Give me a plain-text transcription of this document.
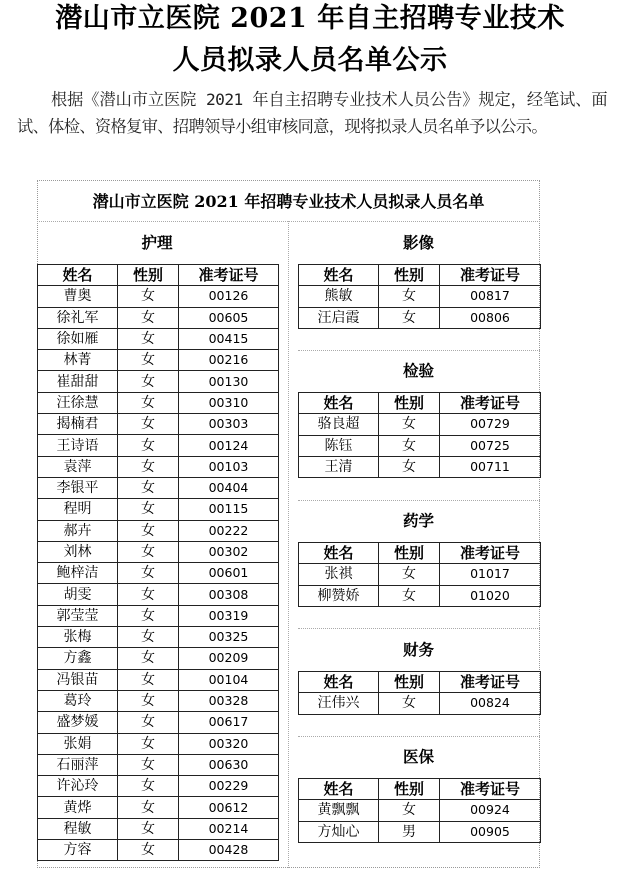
潜山市立医院 2021 年自主招聘专业技术
人员拟录人员名单公示
根据《潜山市立医院 2021 年自主招聘专业技术人员公告》规定，经笔试、面试、体检、资格复审、招聘领导小组审核同意，现将拟录人员名单予以公示。
潜山市立医院 2021 年招聘专业技术人员拟录人员名单
护理
姓名	性别	准考证号
曹奥	女	00126
徐礼军	女	00605
徐如雁	女	00415
林菁	女	00216
崔甜甜	女	00130
汪徐慧	女	00310
揭楠君	女	00303
王诗语	女	00124
袁萍	女	00103
李银平	女	00404
程明	女	00115
郝卉	女	00222
刘林	女	00302
鲍梓洁	女	00601
胡雯	女	00308
郭莹莹	女	00319
张梅	女	00325
方鑫	女	00209
冯银苗	女	00104
葛玲	女	00328
盛梦媛	女	00617
张娟	女	00320
石丽萍	女	00630
许沁玲	女	00229
黄烨	女	00612
程敏	女	00214
方容	女	00428
影像
姓名	性别	准考证号
熊敏	女	00817
汪启霞	女	00806
检验
姓名	性别	准考证号
骆良超	女	00729
陈钰	女	00725
王清	女	00711
药学
姓名	性别	准考证号
张祺	女	01017
柳赞娇	女	01020
财务
姓名	性别	准考证号
汪伟兴	女	00824
医保
姓名	性别	准考证号
黄飘飘	女	00924
方灿心	男	00905
